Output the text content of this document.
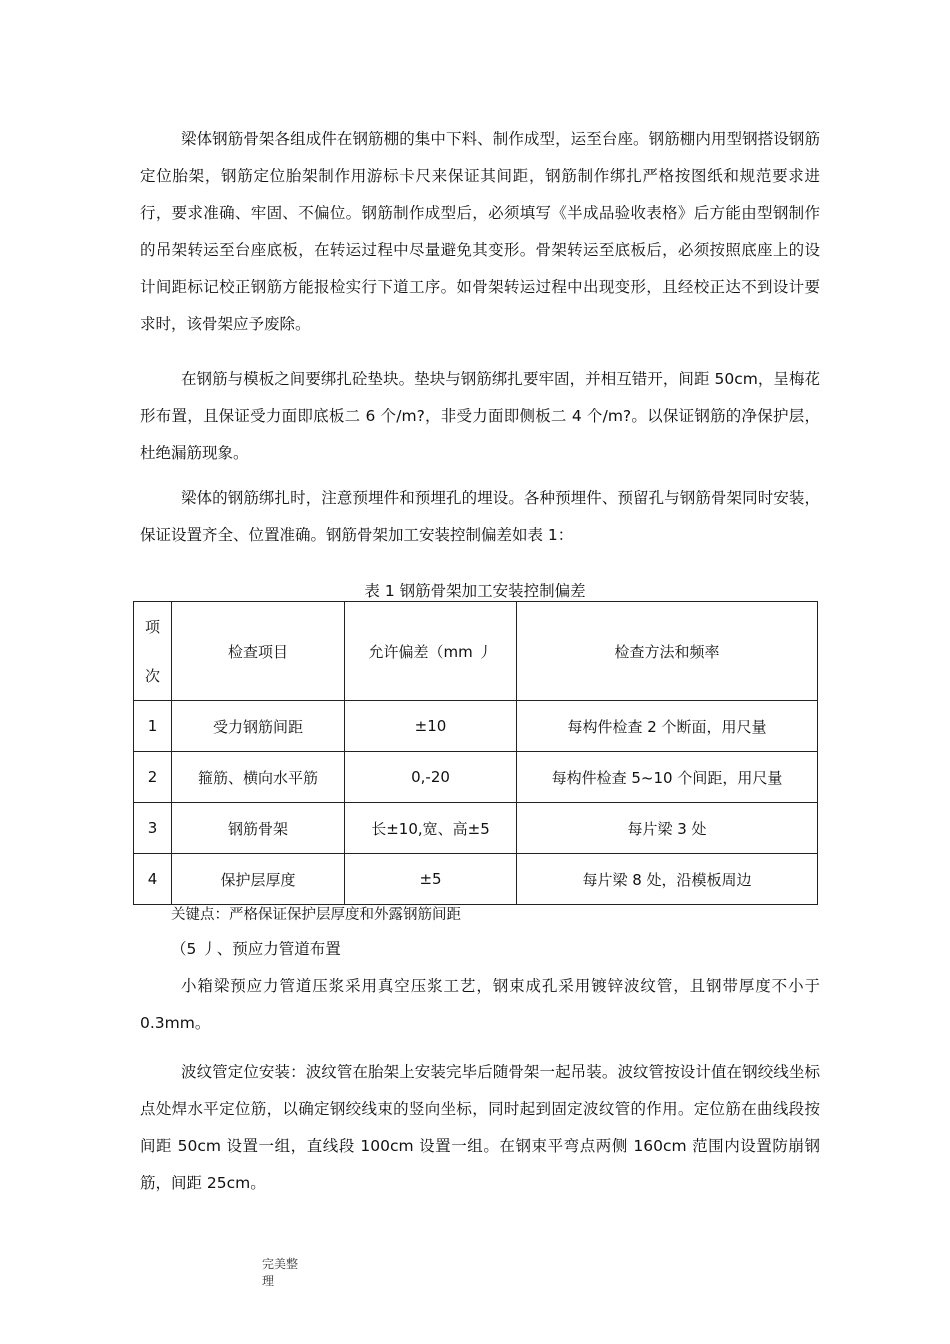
梁体钢筋骨架各组成件在钢筋棚的集中下料、制作成型，运至台座。钢筋棚内用型钢搭设钢筋定位胎架，钢筋定位胎架制作用游标卡尺来保证其间距，钢筋制作绑扎严格按图纸和规范要求进行，要求准确、牢固、不偏位。钢筋制作成型后，必须填写《半成品验收表格》后方能由型钢制作的吊架转运至台座底板，在转运过程中尽量避免其变形。骨架转运至底板后，必须按照底座上的设计间距标记校正钢筋方能报检实行下道工序。如骨架转运过程中出现变形，且经校正达不到设计要求时，该骨架应予废除。

在钢筋与模板之间要绑扎砼垫块。垫块与钢筋绑扎要牢固，并相互错开，间距 50cm，呈梅花形布置，且保证受力面即底板二 6 个/m?，非受力面即侧板二 4 个/m?。以保证钢筋的净保护层，杜绝漏筋现象。

梁体的钢筋绑扎时，注意预埋件和预埋孔的埋设。各种预埋件、预留孔与钢筋骨架同时安装，保证设置齐全、位置准确。钢筋骨架加工安装控制偏差如表 1：

表 1 钢筋骨架加工安装控制偏差

项
次	检查项目	允许偏差（mm 丿	检查方法和频率
1	受力钢筋间距	±10	每构件检查 2 个断面，用尺量
2	箍筋、横向水平筋	0,-20	每构件检查 5~10 个间距，用尺量
3	钢筋骨架	长±10,宽、高±5	每片梁 3 处
4	保护层厚度	±5	每片梁 8 处，沿模板周边

关键点：严格保证保护层厚度和外露钢筋间距

（5 丿、预应力管道布置

小箱梁预应力管道压浆采用真空压浆工艺，钢束成孔采用镀锌波纹管，且钢带厚度不小于 0.3mm。

波纹管定位安装：波纹管在胎架上安装完毕后随骨架一起吊装。波纹管按设计值在钢绞线坐标点处焊水平定位筋，以确定钢绞线束的竖向坐标，同时起到固定波纹管的作用。定位筋在曲线段按间距 50cm 设置一组，直线段 100cm 设置一组。在钢束平弯点两侧 160cm 范围内设置防崩钢筋，间距 25cm。

完美整
理
